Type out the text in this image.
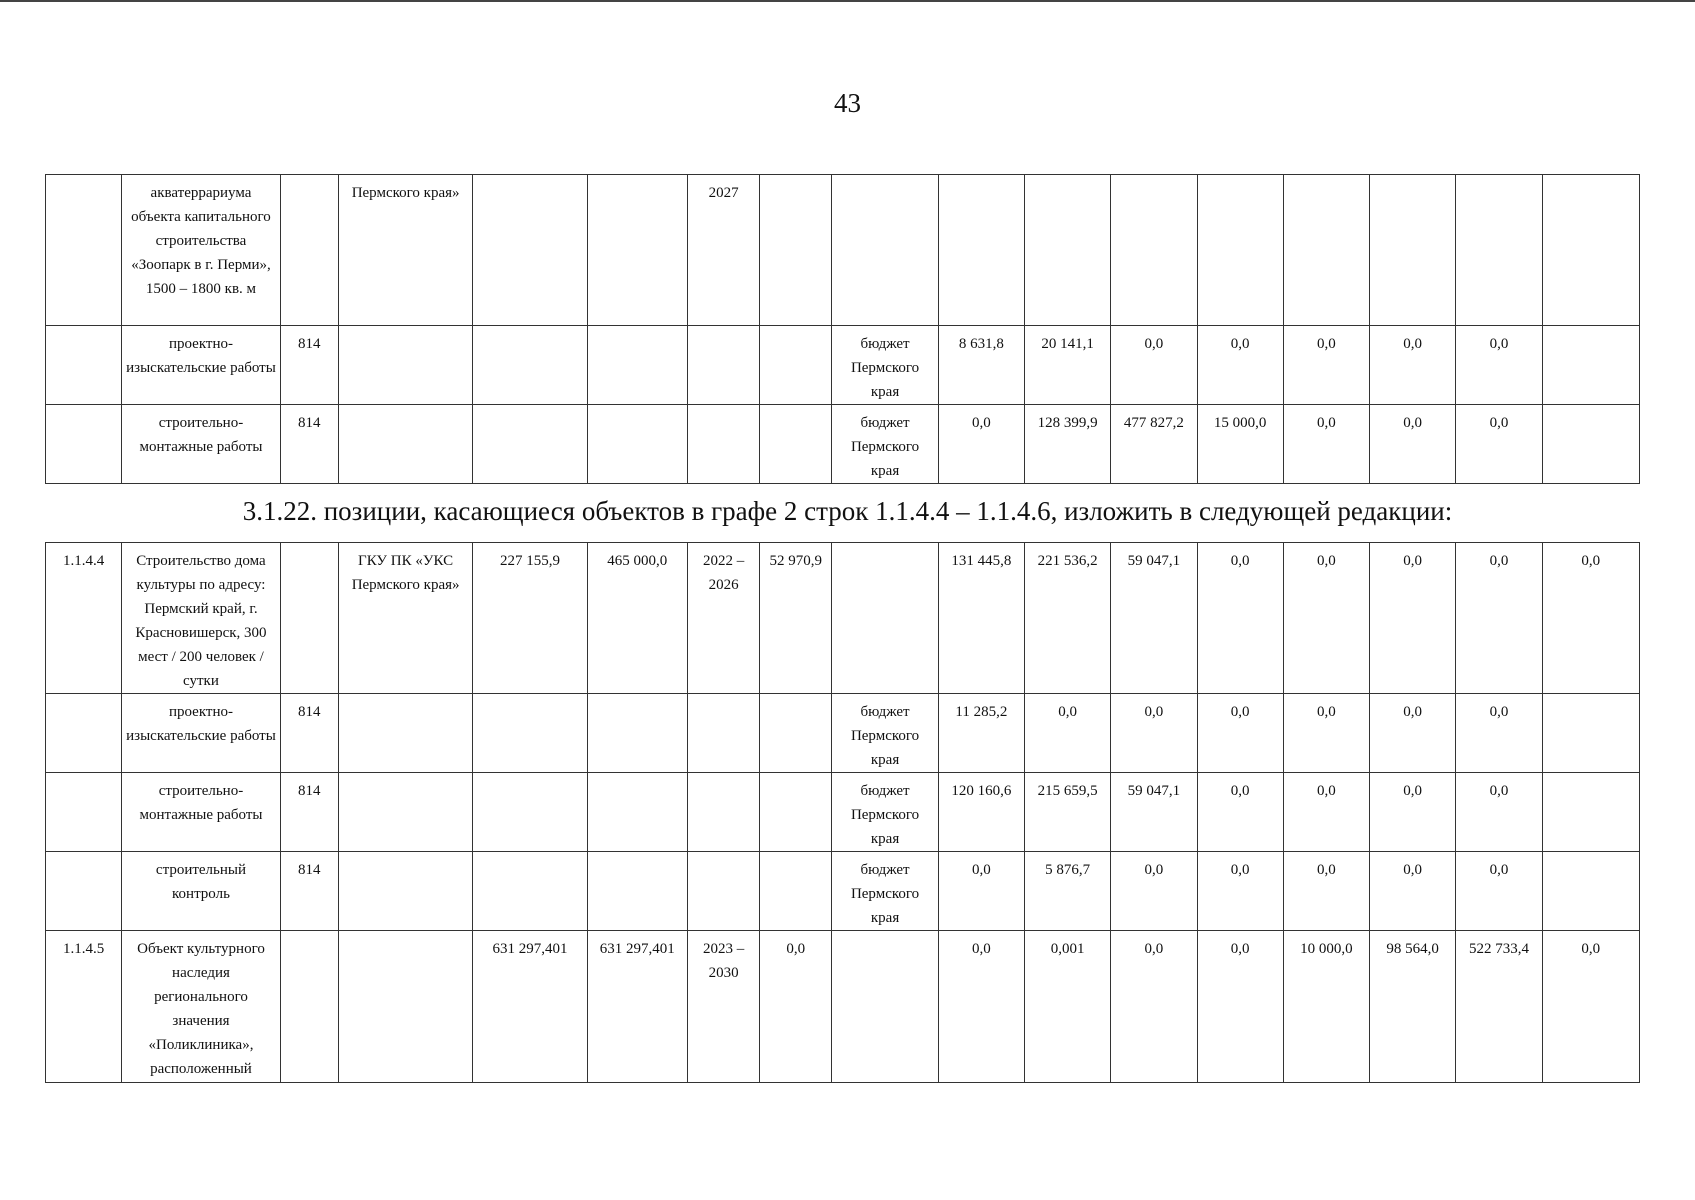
43
	акватеррариума объекта капитального строительства «Зоопарк в г. Перми», 1500 – 1800 кв. м		Пермского края»			2027										
	проектно-изыскательские работы	814						бюджет Пермского края	8 631,8	20 141,1	0,0	0,0	0,0	0,0	0,0	
	строительно-монтажные работы	814						бюджет Пермского края	0,0	128 399,9	477 827,2	15 000,0	0,0	0,0	0,0	
3.1.22. позиции, касающиеся объектов в графе 2 строк 1.1.4.4 – 1.1.4.6, изложить в следующей редакции:
1.1.4.4	Строительство дома культуры по адресу: Пермский край, г. Красновишерск, 300 мест / 200 человек / сутки		ГКУ ПК «УКС Пермского края»	227 155,9	465 000,0	2022 – 2026	52 970,9		131 445,8	221 536,2	59 047,1	0,0	0,0	0,0	0,0	0,0
	проектно-изыскательские работы	814						бюджет Пермского края	11 285,2	0,0	0,0	0,0	0,0	0,0	0,0	
	строительно-монтажные работы	814						бюджет Пермского края	120 160,6	215 659,5	59 047,1	0,0	0,0	0,0	0,0	
	строительный контроль	814						бюджет Пермского края	0,0	5 876,7	0,0	0,0	0,0	0,0	0,0	
1.1.4.5	Объект культурного наследия регионального значения «Поликлиника», расположенный			631 297,401	631 297,401	2023 – 2030	0,0		0,0	0,001	0,0	0,0	10 000,0	98 564,0	522 733,4	0,0
